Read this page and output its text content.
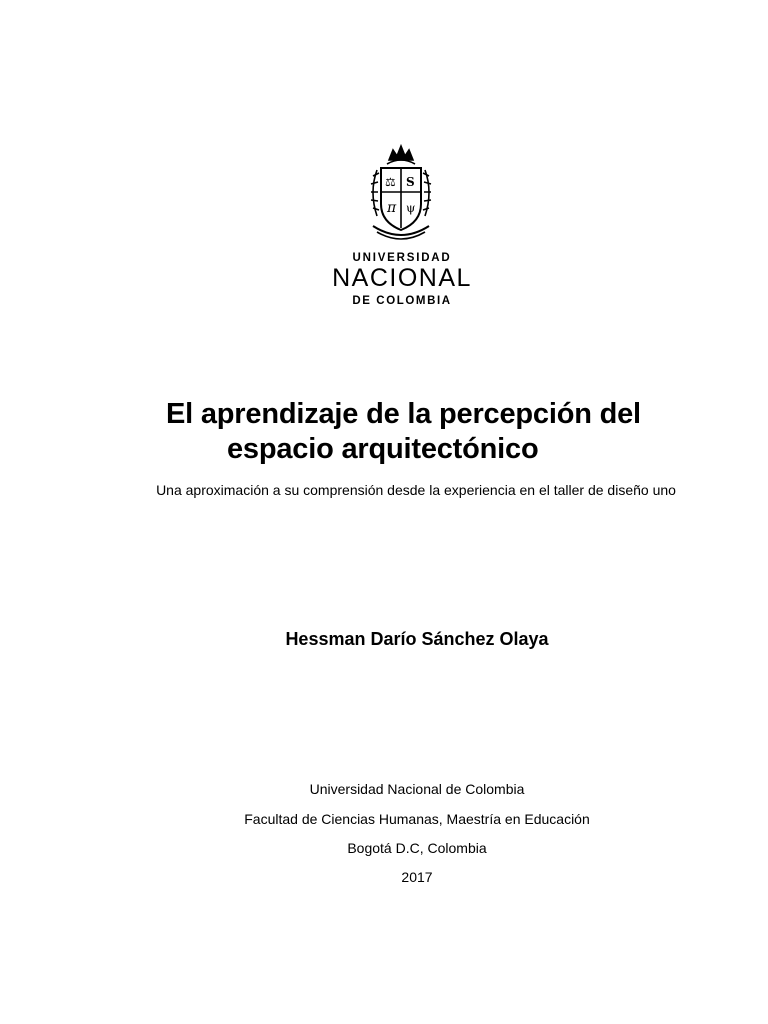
⚖ S
π ψ
UNIVERSIDAD
NACIONAL
DE COLOMBIA
El aprendizaje de la percepción del
espacio arquitectónico
Una aproximación a su comprensión desde la experiencia en el taller de diseño uno
Hessman Darío Sánchez Olaya
Universidad Nacional de Colombia
Facultad de Ciencias Humanas, Maestría en Educación
Bogotá D.C, Colombia
2017
